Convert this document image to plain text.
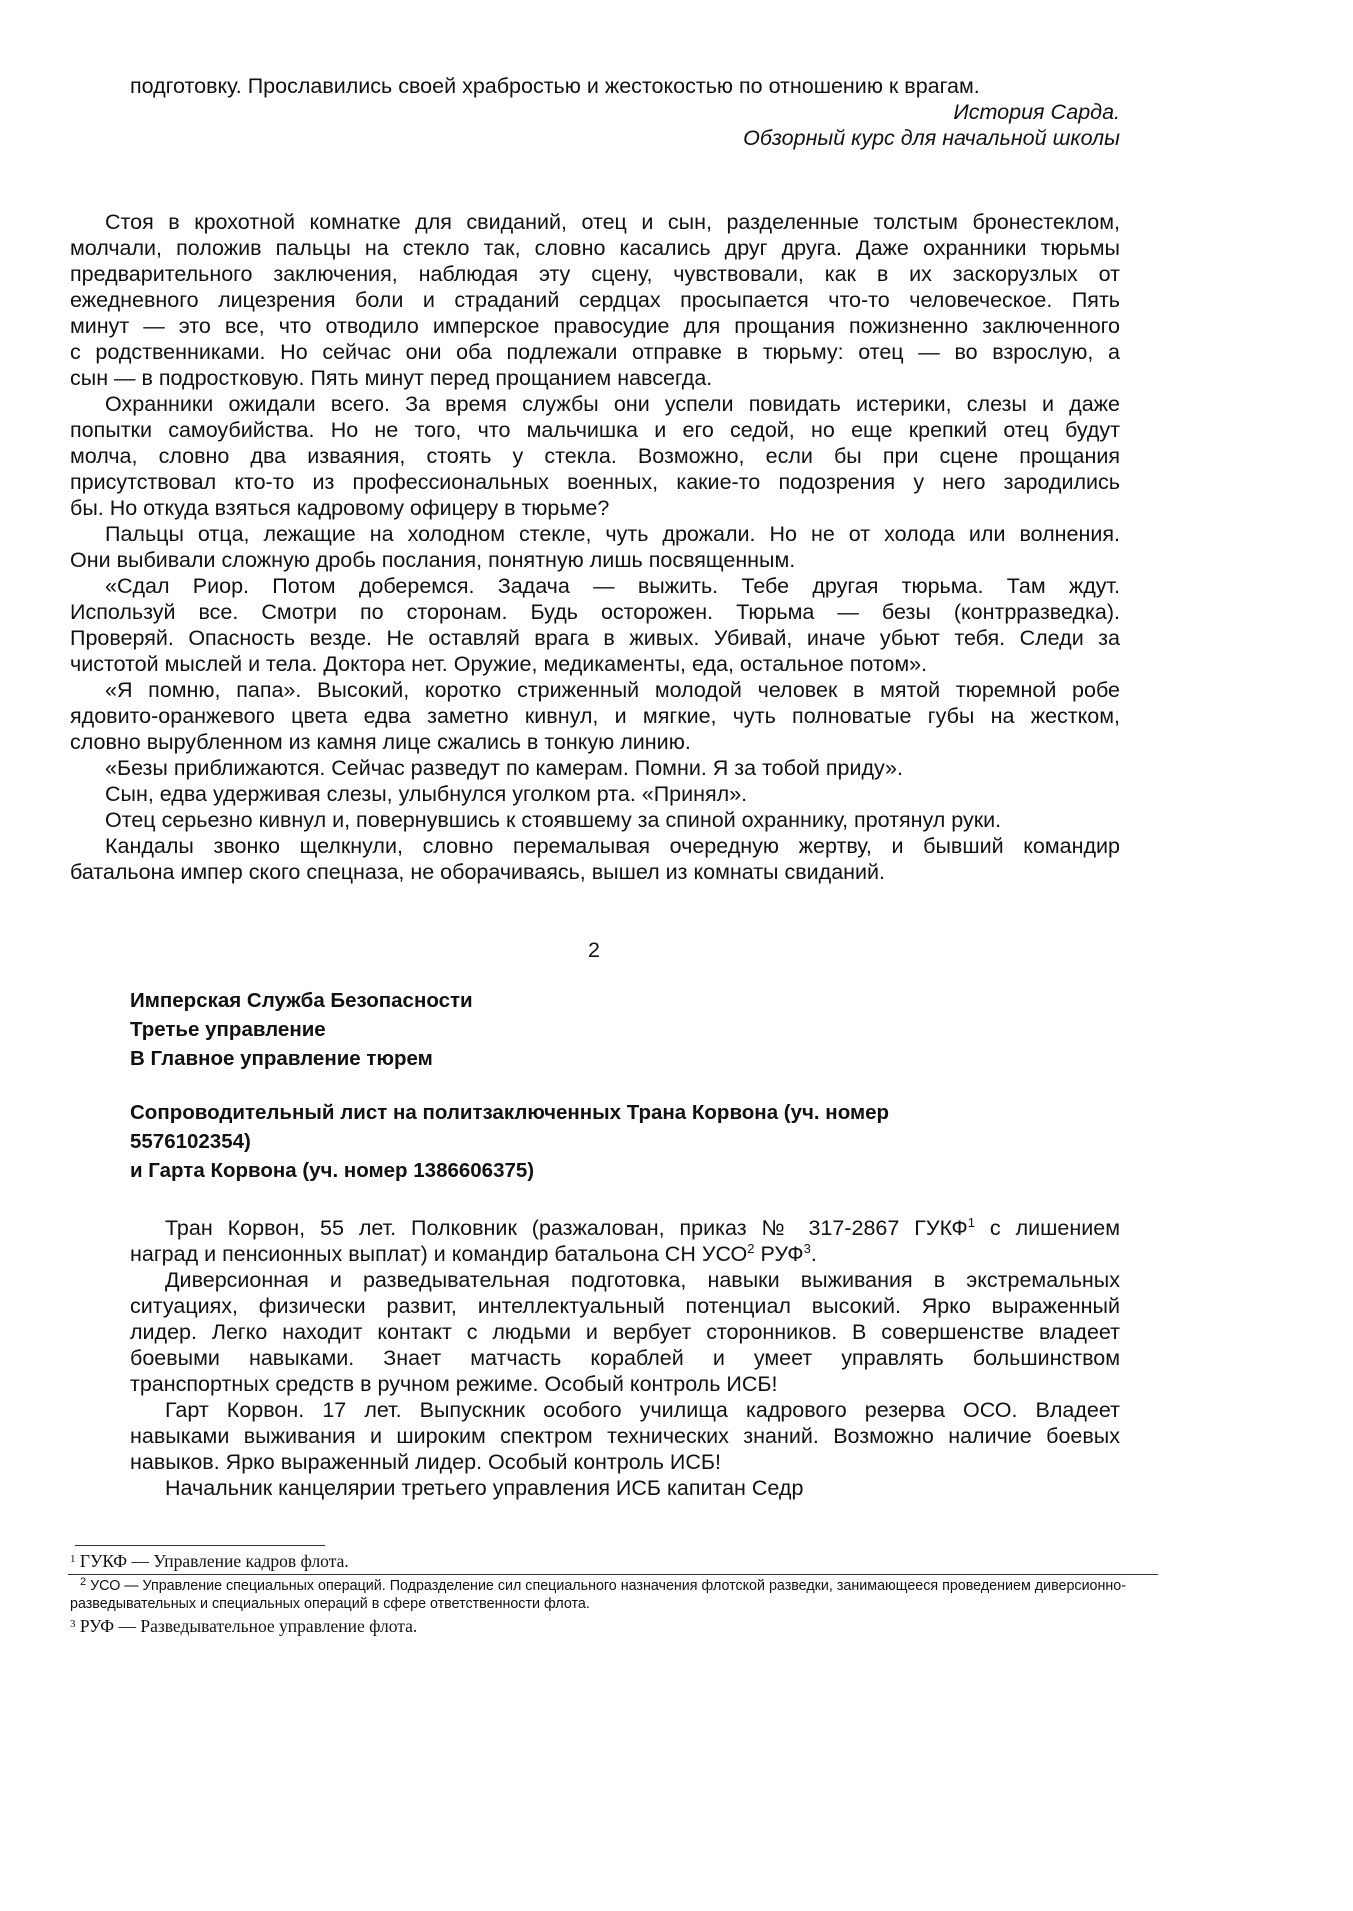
подготовку. Прославились своей храбростью и жестокостью по отношению к врагам.
История Сарда.
Обзорный курс для начальной школы
Стоя в крохотной комнатке для свиданий, отец и сын, разделенные толстым бронестеклом,
молчали, положив пальцы на стекло так, словно касались друг друга. Даже охранники тюрьмы
предварительного заключения, наблюдая эту сцену, чувствовали, как в их заскорузлых от
ежедневного лицезрения боли и страданий сердцах просыпается что-то человеческое. Пять
минут — это все, что отводило имперское правосудие для прощания пожизненно заключенного
с родственниками. Но сейчас они оба подлежали отправке в тюрьму: отец — во взрослую, а
сын — в подростковую. Пять минут перед прощанием навсегда.
Охранники ожидали всего. За время службы они успели повидать истерики, слезы и даже
попытки самоубийства. Но не того, что мальчишка и его седой, но еще крепкий отец будут
молча, словно два изваяния, стоять у стекла. Возможно, если бы при сцене прощания
присутствовал кто-то из профессиональных военных, какие-то подозрения у него зародились
бы. Но откуда взяться кадровому офицеру в тюрьме?
Пальцы отца, лежащие на холодном стекле, чуть дрожали. Но не от холода или волнения.
Они выбивали сложную дробь послания, понятную лишь посвященным.
«Сдал Риор. Потом доберемся. Задача — выжить. Тебе другая тюрьма. Там ждут.
Используй все. Смотри по сторонам. Будь осторожен. Тюрьма — безы (контрразведка).
Проверяй. Опасность везде. Не оставляй врага в живых. Убивай, иначе убьют тебя. Следи за
чистотой мыслей и тела. Доктора нет. Оружие, медикаменты, еда, остальное потом».
«Я помню, папа». Высокий, коротко стриженный молодой человек в мятой тюремной робе
ядовито-оранжевого цвета едва заметно кивнул, и мягкие, чуть полноватые губы на жестком,
словно вырубленном из камня лице сжались в тонкую линию.
«Безы приближаются. Сейчас разведут по камерам. Помни. Я за тобой приду».
Сын, едва удерживая слезы, улыбнулся уголком рта. «Принял».
Отец серьезно кивнул и, повернувшись к стоявшему за спиной охраннику, протянул руки.
Кандалы звонко щелкнули, словно перемалывая очередную жертву, и бывший командир
батальона импер ского спецназа, не оборачиваясь, вышел из комнаты свиданий.
2
Имперская Служба Безопасности
Третье управление
В Главное управление тюрем
Сопроводительный лист на политзаключенных Трана Корвона (уч. номер
5576102354)
и Гарта Корвона (уч. номер 1386606375)
Тран Корвон, 55 лет. Полковник (разжалован, приказ № 317-2867 ГУКФ$^1$ с лишением
наград и пенсионных выплат) и командир батальона СН УСО$^2$ РУФ$^3$.
Диверсионная и разведывательная подготовка, навыки выживания в экстремальных
ситуациях, физически развит, интеллектуальный потенциал высокий. Ярко выраженный
лидер. Легко находит контакт с людьми и вербует сторонников. В совершенстве владеет
боевыми навыками. Знает матчасть кораблей и умеет управлять большинством
транспортных средств в ручном режиме. Особый контроль ИСБ!
Гарт Корвон. 17 лет. Выпускник особого училища кадрового резерва ОСО. Владеет
навыками выживания и широким спектром технических знаний. Возможно наличие боевых
навыков. Ярко выраженный лидер. Особый контроль ИСБ!
Начальник канцелярии третьего управления ИСБ капитан Седр
$^1$ ГУКФ — Управление кадров флота.
$^2$ УСО — Управление специальных операций. Подразделение сил специального назначения флотской разведки, занимающееся проведением диверсионно-разведывательных и специальных операций в сфере ответственности флота.
$^3$ РУФ — Разведывательное управление флота.
